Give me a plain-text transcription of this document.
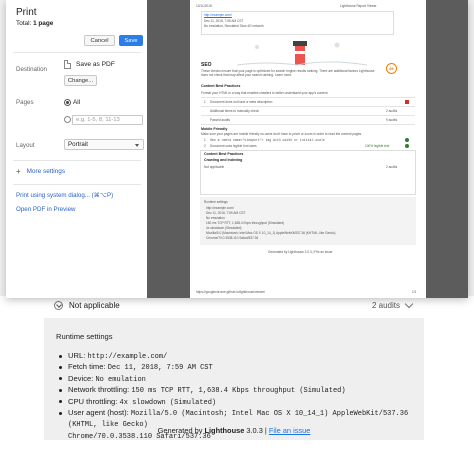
Not applicable	2 audits
Runtime settings
URL: http://example.com/
Fetch time: Dec 11, 2018, 7:59 AM CST
Device: No emulation
Network throttling: 150 ms TCP RTT, 1,638.4 Kbps throughput (Simulated)
CPU throttling: 4x slowdown (Simulated)
User agent (host): Mozilla/5.0 (Macintosh; Intel Mac OS X 10_14_1) AppleWebKit/537.36 (KHTML, like Gecko)
Chrome/70.0.3538.110 Safari/537.36
Generated by Lighthouse 3.0.3 | File an issue
Print
Total: 1 page
Cancel	Save
Destination
Save as PDF
Change...
Pages	All
e.g. 1-5, 8, 11-13
Layout	Portrait
+ More settings
Print using system dialog... (⌘⌥P)
Open PDF in Preview
12/11/2018	Lighthouse Report Viewer
http://example.com/
Dec 11, 2018, 7:59 AM CST
No emulation, Simulated Slow 4G network
SEO
These checks ensure that your page is optimized for search engine results ranking. There are additional factors Lighthouse does not check that may affect your search ranking. Learn more.
89
Content Best Practices
Format your HTML in a way that enables crawlers to better understand your app's content.
1 Document does not have a meta description
Additional items to manually check	2 audits
Passed audits	9 audits
Mobile Friendly
Make sure your pages are mobile friendly so users don't have to pinch or zoom in order to read the content pages.
1 Has a <meta name="viewport"> tag with width or initial-scale
2 Document uses legible font sizes	100% legible text
Content Best Practices
Crawling and Indexing
Not applicable	2 audits
Runtime settings
http://example.com/
Dec 11, 2018, 7:59 AM CST
No emulation
150 ms TCP RTT, 1,638.4 Kbps throughput (Simulated)
4x slowdown (Simulated)
Mozilla/5.0 (Macintosh; Intel Mac OS X 10_14_1) AppleWebKit/537.36 (KHTML, like Gecko)
Chrome/70.0.3538.110 Safari/537.36
Generated by Lighthouse 3.0.3 | File an issue
https://googlechrome.github.io/lighthouse/viewer/	1/1
